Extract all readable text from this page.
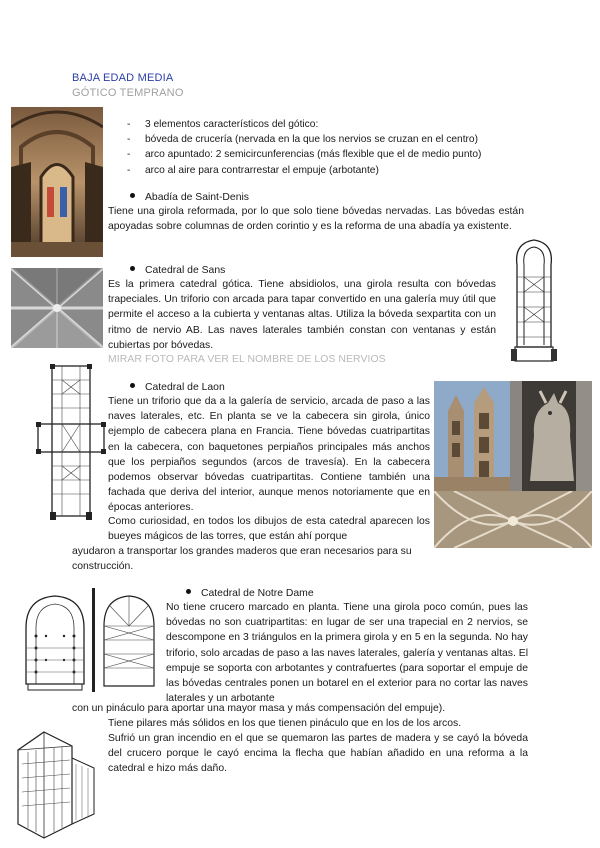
BAJA EDAD MEDIA
GÓTICO TEMPRANO
- 3 elementos característicos del gótico:
- bóveda de crucería (nervada en la que los nervios se cruzan en el centro)
- arco apuntado: 2 semicircunferencias (más flexible que el de medio punto)
- arco al aire para contrarrestar el empuje (arbotante)
Abadía de Saint-Denis
Tiene una girola reformada, por lo que solo tiene bóvedas nervadas. Las bóvedas están apoyadas sobre columnas de orden corintio y es la reforma de una abadía ya existente.
Catedral de Sans
Es la primera catedral gótica. Tiene absidiolos, una girola resulta con bóvedas trapeciales. Un triforio con arcada para tapar convertido en una galería muy útil que permite el acceso a la cubierta y ventanas altas. Utiliza la bóveda sexpartita con un ritmo de nervio AB. Las naves laterales también constan con ventanas y están cubiertas por bóvedas.
MIRAR FOTO PARA VER EL NOMBRE DE LOS NERVIOS
Catedral de Laon
Tiene un triforio que da a la galería de servicio, arcada de paso a las naves laterales, etc. En planta se ve la cabecera sin girola, único ejemplo de cabecera plana en Francia. Tiene bóvedas cuatripartitas en la cabecera, con baquetones perpiaños principales más anchos que los perpiaños segundos (arcos de travesía). En la cabecera podemos observar bóvedas cuatripartitas. Contiene también una fachada que deriva del interior, aunque menos notoriamente que en épocas anteriores.
Como curiosidad, en todos los dibujos de esta catedral aparecen los bueyes mágicos de las torres, que están ahí porque
ayudaron a transportar los grandes maderos que eran necesarios para su construcción.
Catedral de Notre Dame
No tiene crucero marcado en planta. Tiene una girola poco común, pues las bóvedas no son cuatripartitas: en lugar de ser una trapecial en 2 nervios, se descompone en 3 triángulos en la primera girola y en 5 en la segunda. No hay triforio, solo arcadas de paso a las naves laterales, galería y ventanas altas. El empuje se soporta con arbotantes y contrafuertes (para soportar el empuje de las bóvedas centrales ponen un botarel en el exterior para no cortar las naves laterales y un arbotante
con un pináculo para aportar una mayor masa y más compensación del empuje).
Tiene pilares más sólidos en los que tienen pináculo que en los de los arcos.
Sufrió un gran incendio en el que se quemaron las partes de madera y se cayó la bóveda del crucero porque le cayó encima la flecha que habían añadido en una reforma a la catedral e hizo más daño.
